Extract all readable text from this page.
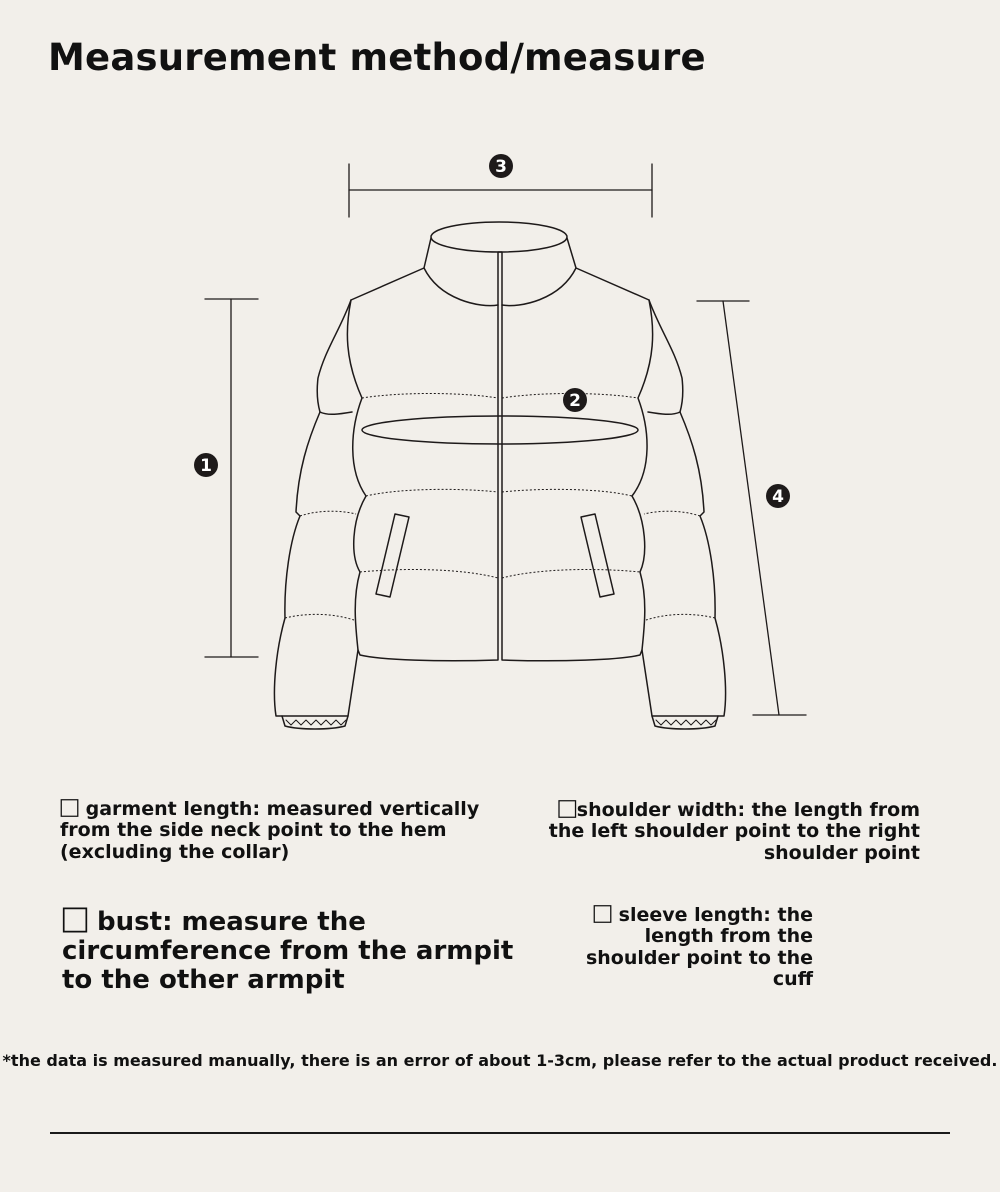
Measurement method/measure
1
2
3
4
⃞ garment length: measured vertically from the side neck point to the hem (excluding the collar)
⃞shoulder width: the length from the left shoulder point to the right shoulder point
⃞ bust: measure the circumference from the armpit to the other armpit
⃞ sleeve length: the length from the shoulder point to the cuff
*the data is measured manually, there is an error of about 1-3cm, please refer to the actual product received.
